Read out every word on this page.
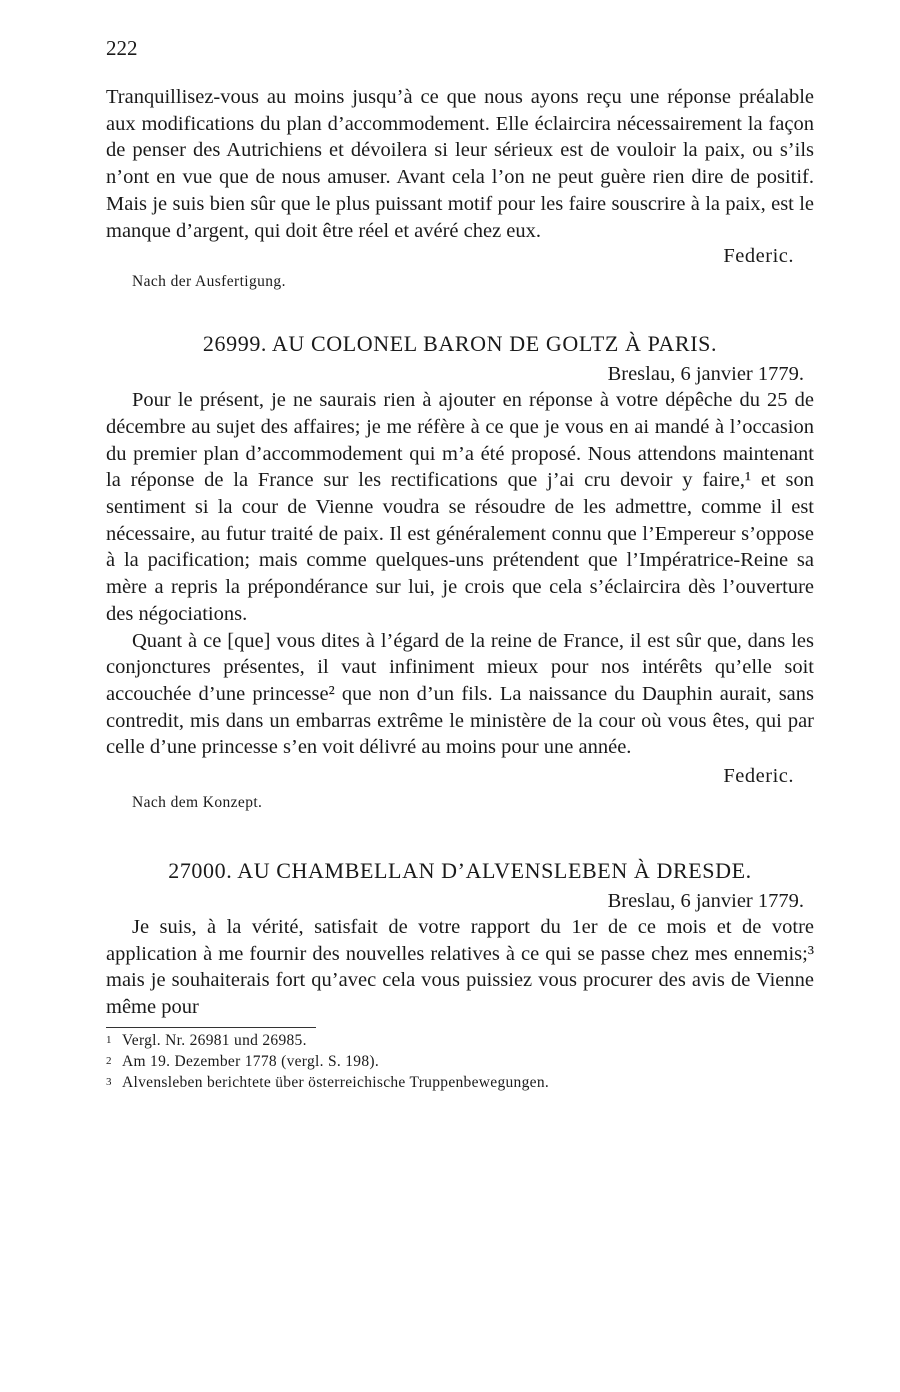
222

Tranquillisez-vous au moins jusqu’à ce que nous ayons reçu une réponse préalable aux modifications du plan d’accommodement. Elle éclaircira nécessairement la façon de penser des Autrichiens et dévoilera si leur sérieux est de vouloir la paix, ou s’ils n’ont en vue que de nous amuser. Avant cela l’on ne peut guère rien dire de positif. Mais je suis bien sûr que le plus puissant motif pour les faire souscrire à la paix, est le manque d’argent, qui doit être réel et avéré chez eux.

Federic.
Nach der Ausfertigung.
26999. AU COLONEL BARON DE GOLTZ À PARIS.
Breslau, 6 janvier 1779.

Pour le présent, je ne saurais rien à ajouter en réponse à votre dépêche du 25 de décembre au sujet des affaires; je me réfère à ce que je vous en ai mandé à l’occasion du premier plan d’accommodement qui m’a été proposé. Nous attendons maintenant la réponse de la France sur les rectifications que j’ai cru devoir y faire,¹ et son sentiment si la cour de Vienne voudra se résoudre de les admettre, comme il est nécessaire, au futur traité de paix. Il est généralement connu que l’Empereur s’oppose à la pacification; mais comme quelques-uns prétendent que l’Impératrice-Reine sa mère a repris la prépondérance sur lui, je crois que cela s’éclaircira dès l’ouverture des négociations.

Quant à ce [que] vous dites à l’égard de la reine de France, il est sûr que, dans les conjonctures présentes, il vaut infiniment mieux pour nos intérêts qu’elle soit accouchée d’une princesse² que non d’un fils. La naissance du Dauphin aurait, sans contredit, mis dans un embarras extrême le ministère de la cour où vous êtes, qui par celle d’une princesse s’en voit délivré au moins pour une année.

Federic.
Nach dem Konzept.
27000. AU CHAMBELLAN D’ALVENSLEBEN À DRESDE.
Breslau, 6 janvier 1779.

Je suis, à la vérité, satisfait de votre rapport du 1er de ce mois et de votre application à me fournir des nouvelles relatives à ce qui se passe chez mes ennemis;³ mais je souhaiterais fort qu’avec cela vous puissiez vous procurer des avis de Vienne même pour

1 Vergl. Nr. 26981 und 26985.
2 Am 19. Dezember 1778 (vergl. S. 198).
3 Alvensleben berichtete über österreichische Truppenbewegungen.
